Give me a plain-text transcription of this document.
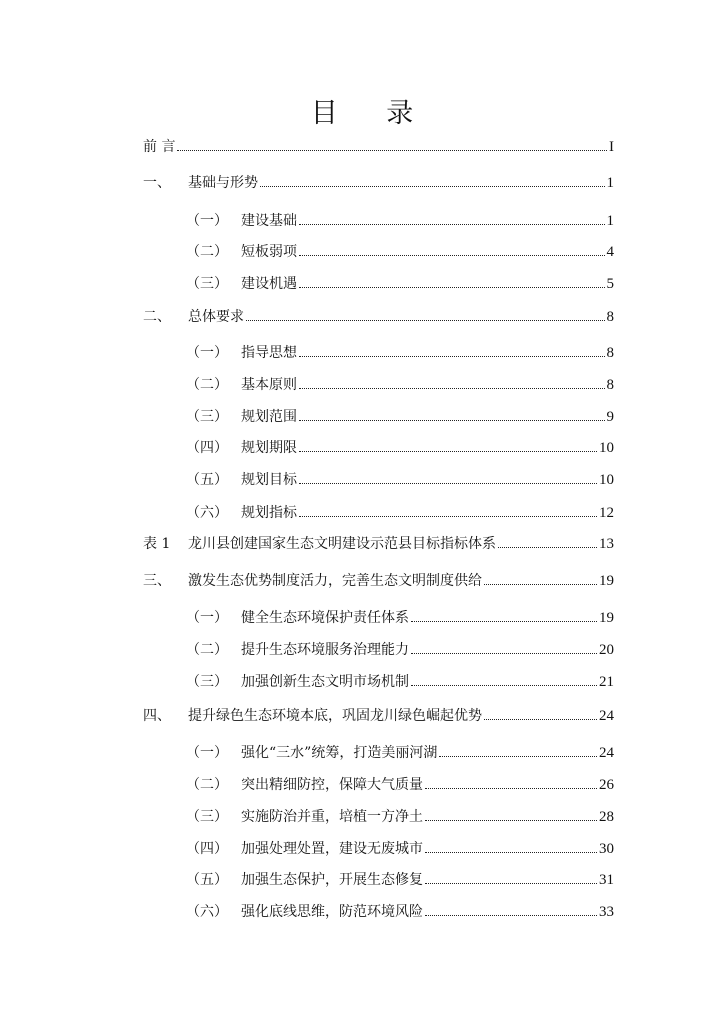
目 录
前 言	I
一、	基础与形势	1
（一） 建设基础	1
（二） 短板弱项	4
（三） 建设机遇	5
二、	总体要求	8
（一） 指导思想	8
（二） 基本原则	8
（三） 规划范围	9
（四） 规划期限	10
（五） 规划目标	10
（六） 规划指标	12
表 1	龙川县创建国家生态文明建设示范县目标指标体系	13
三、	激发生态优势制度活力，完善生态文明制度供给	19
（一） 健全生态环境保护责任体系	19
（二） 提升生态环境服务治理能力	20
（三） 加强创新生态文明市场机制	21
四、	提升绿色生态环境本底，巩固龙川绿色崛起优势	24
（一） 强化“三水”统筹，打造美丽河湖	24
（二） 突出精细防控，保障大气质量	26
（三） 实施防治并重，培植一方净土	28
（四） 加强处理处置，建设无废城市	30
（五） 加强生态保护，开展生态修复	31
（六） 强化底线思维，防范环境风险	33
